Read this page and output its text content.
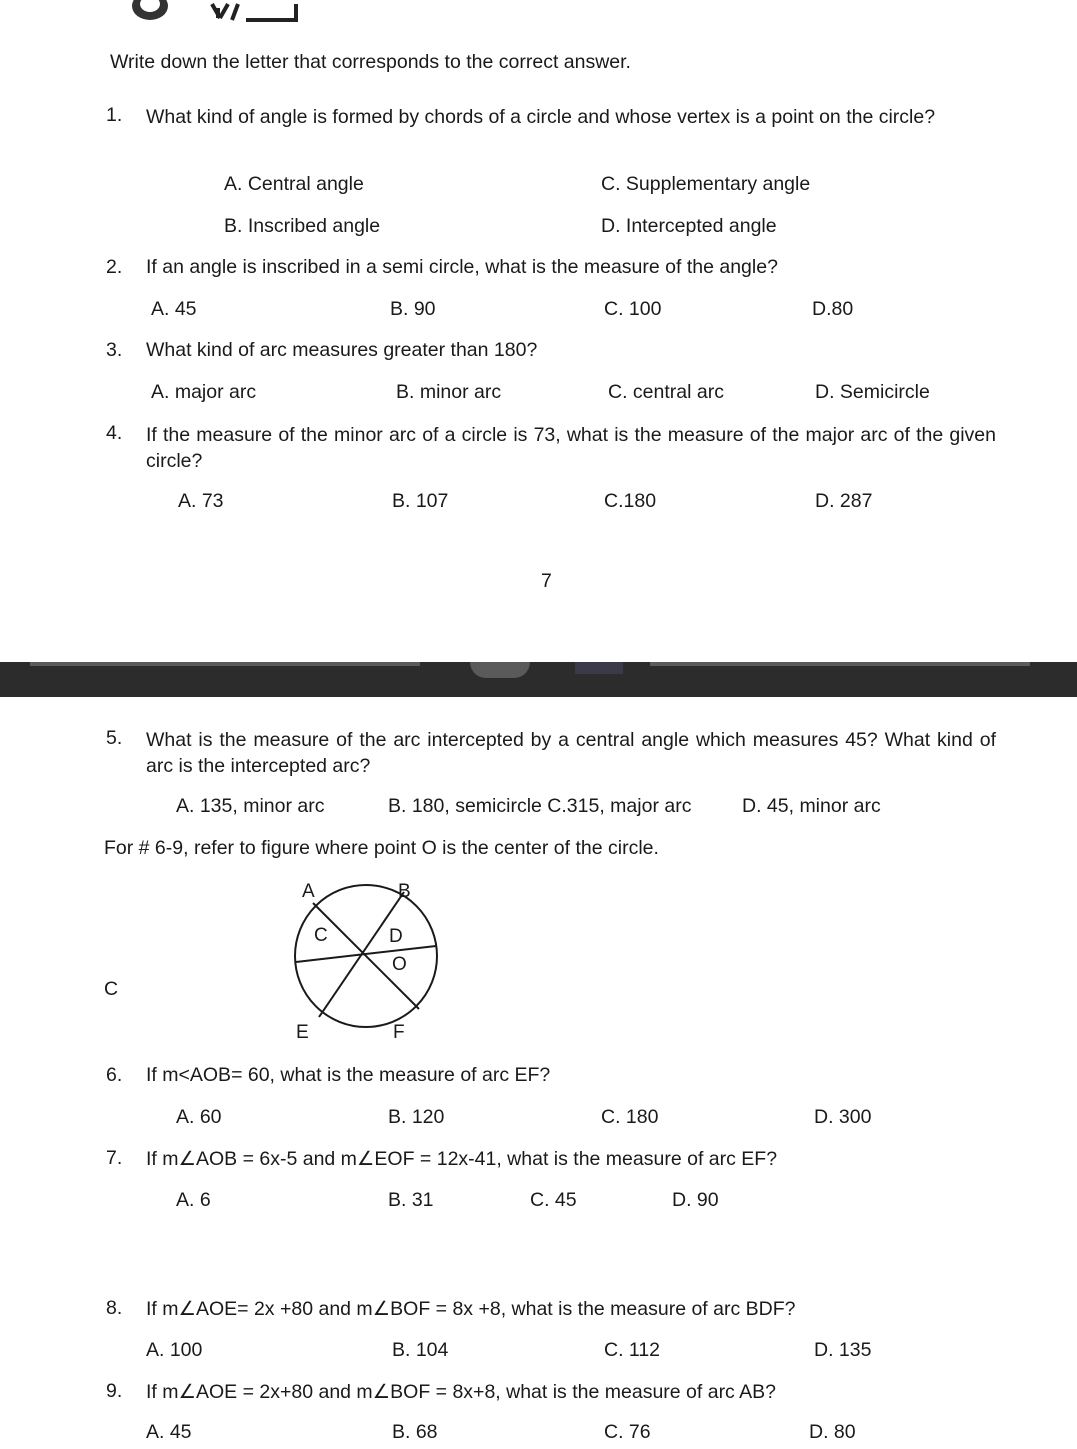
Write down the letter that corresponds to the correct answer.
1. What kind of angle is formed by chords of a circle and whose vertex is a point on the circle?
A. Central angle
B. Inscribed angle
C. Supplementary angle
D. Intercepted angle
2. If an angle is inscribed in a semi circle, what is the measure of the angle?
A. 45	B. 90	C. 100	D.80
3. What kind of arc measures greater than 180?
A. major arc	B. minor arc	C. central arc	D. Semicircle
4. If the measure of the minor arc of a circle is 73, what is the measure of the major arc of the given circle?
A. 73	B. 107	C.180	D. 287
7
5. What is the measure of the arc intercepted by a central angle which measures 45? What kind of arc is the intercepted arc?
A. 135, minor arc	B. 180, semicircle C.315, major arc	D. 45, minor arc
For # 6-9, refer to figure where point O is the center of the circle.
C
A	B
C	D
O
E	F
6. If m<AOB= 60, what is the measure of arc EF?
A. 60	B. 120	C. 180	D. 300
7. If m∠AOB = 6x-5 and m∠EOF = 12x-41, what is the measure of arc EF?
A. 6	B. 31	C. 45	D. 90
8. If m∠AOE= 2x +80 and m∠BOF = 8x +8, what is the measure of arc BDF?
A. 100	B. 104	C. 112	D. 135
9. If m∠AOE = 2x+80 and m∠BOF = 8x+8, what is the measure of arc AB?
A. 45	B. 68	C. 76	D. 80
